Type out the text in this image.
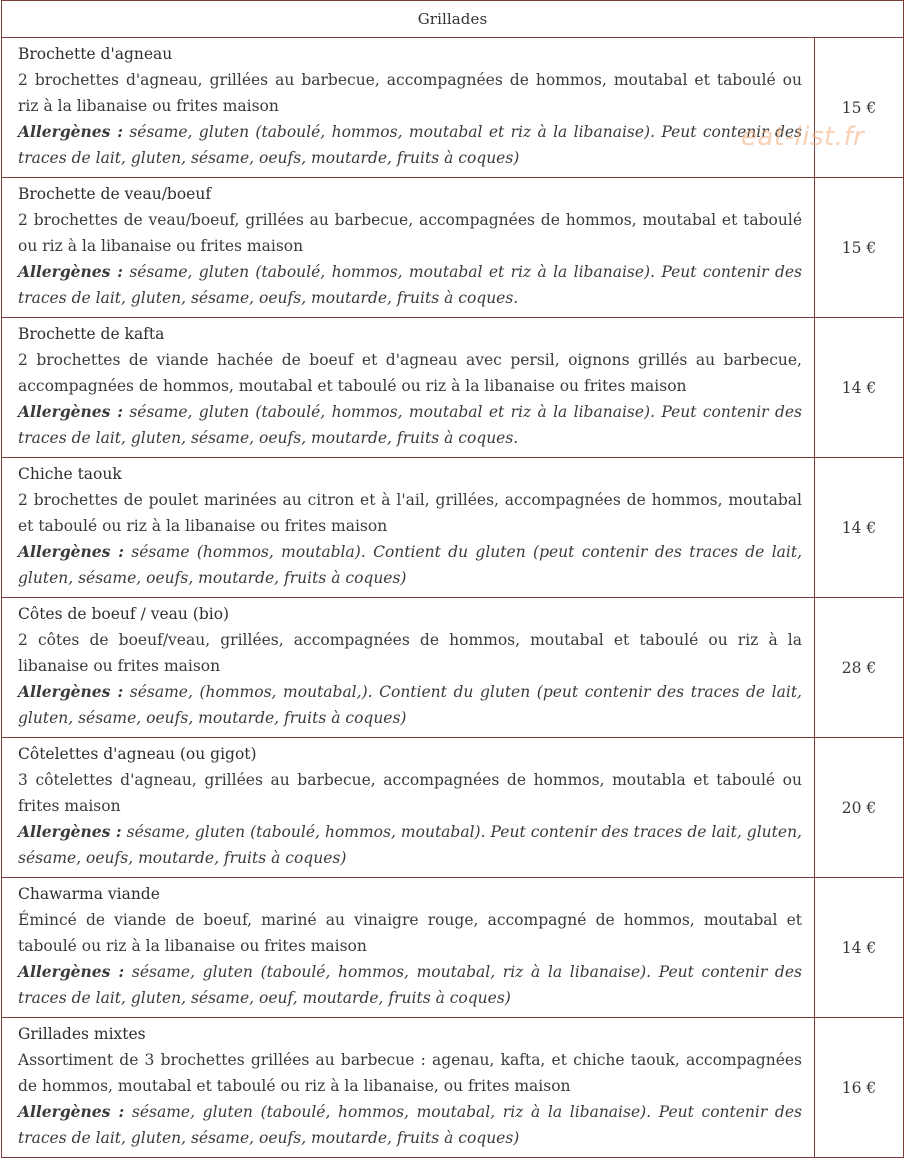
Grillades	

Brochette d'agneau
2 brochettes d'agneau, grillées au barbecue, accompagnées de hommos, moutabal et taboulé ou riz à la libanaise ou frites maison
Allergènes : sésame, gluten (taboulé, hommos, moutabal et riz à la libanaise). Peut contenir des traces de lait, gluten, sésame, oeufs, moutarde, fruits à coques)	15 €

Brochette de veau/boeuf
2 brochettes de veau/boeuf, grillées au barbecue, accompagnées de hommos, moutabal et taboulé ou riz à la libanaise ou frites maison
Allergènes : sésame, gluten (taboulé, hommos, moutabal et riz à la libanaise). Peut contenir des traces de lait, gluten, sésame, oeufs, moutarde, fruits à coques.	15 €

Brochette de kafta
2 brochettes de viande hachée de boeuf et d'agneau avec persil, oignons grillés au barbecue, accompagnées de hommos, moutabal et taboulé ou riz à la libanaise ou frites maison
Allergènes : sésame, gluten (taboulé, hommos, moutabal et riz à la libanaise). Peut contenir des traces de lait, gluten, sésame, oeufs, moutarde, fruits à coques.	14 €

Chiche taouk
2 brochettes de poulet marinées au citron et à l'ail, grillées, accompagnées de hommos, moutabal et taboulé ou riz à la libanaise ou frites maison
Allergènes : sésame (hommos, moutabla). Contient du gluten (peut contenir des traces de lait, gluten, sésame, oeufs, moutarde, fruits à coques)	14 €

Côtes de boeuf / veau (bio)
2 côtes de boeuf/veau, grillées, accompagnées de hommos, moutabal et taboulé ou riz à la libanaise ou frites maison
Allergènes : sésame, (hommos, moutabal,). Contient du gluten (peut contenir des traces de lait, gluten, sésame, oeufs, moutarde, fruits à coques)	28 €

Côtelettes d'agneau (ou gigot)
3 côtelettes d'agneau, grillées au barbecue, accompagnées de hommos, moutabla et taboulé ou frites maison
Allergènes : sésame, gluten (taboulé, hommos, moutabal). Peut contenir des traces de lait, gluten, sésame, oeufs, moutarde, fruits à coques)	20 €

Chawarma viande
Émincé de viande de boeuf, mariné au vinaigre rouge, accompagné de hommos, moutabal et taboulé ou riz à la libanaise ou frites maison
Allergènes : sésame, gluten (taboulé, hommos, moutabal, riz à la libanaise). Peut contenir des traces de lait, gluten, sésame, oeuf, moutarde, fruits à coques)	14 €

Grillades mixtes
Assortiment de 3 brochettes grillées au barbecue : agenau, kafta, et chiche taouk, accompagnées de hommos, moutabal et taboulé ou riz à la libanaise, ou frites maison
Allergènes : sésame, gluten (taboulé, hommos, moutabal, riz à la libanaise). Peut contenir des traces de lait, gluten, sésame, oeufs, moutarde, fruits à coques)	16 €
eat-list.fr
